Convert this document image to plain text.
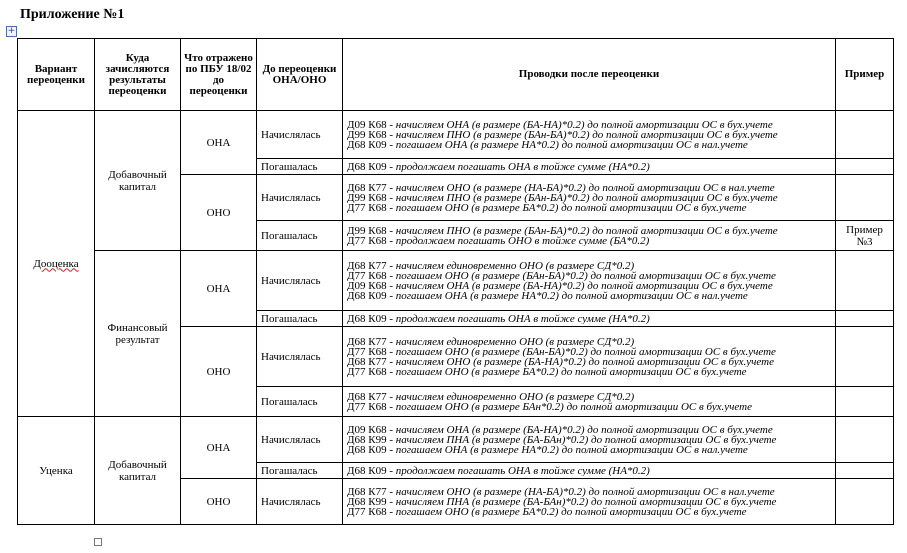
Приложение №1
+
Вариант переоценки	Куда зачисляются результаты переоценки	Что отражено по ПБУ 18/02 до переоценки	До переоценки ОНА/ОНО	Проводки после переоценки	Пример
Дооценка	Добавочный капитал	ОНА	Начислялась	Д09 К68 - начисляем ОНА (в размере (БА-НА)*0.2) до полной амортизации ОС в бух.учете
Д99 К68 - начисляем ПНО (в размере (БАн-БА)*0.2) до полной амортизации ОС в бух.учете
Д68 К09 - погашаем ОНА (в размере НА*0.2) до полной амортизации ОС в нал.учете	

			Погашалась	Д68 К09 - продолжаем погашать ОНА в тойже сумме (НА*0.2)	

		ОНО	Начислялась	Д68 К77 - начисляем ОНО (в размере (НА-БА)*0.2) до полной амортизации ОС в нал.учете
Д99 К68 - начисляем ПНО (в размере (БАн-БА)*0.2) до полной амортизации ОС в бух.учете
Д77 К68 - погашаем ОНО (в размере БА*0.2) до полной амортизации ОС в бух.учете	

			Погашалась	Д99 К68 - начисляем ПНО (в размере (БАн-БА)*0.2) до полной амортизации ОС в бух.учете
Д77 К68 - продолжаем погашать ОНО в тойже сумме (БА*0.2)	Пример №3
	Финансовый результат	ОНА	Начислялась	Д68 К77 - начисляем единовременно ОНО (в размере СД*0.2)
Д77 К68 - погашаем ОНО (в размере (БАн-БА)*0.2) до полной амортизации ОС в бух.учете
Д09 К68 - начисляем ОНА (в размере (БА-НА)*0.2) до полной амортизации ОС в бух.учете
Д68 К09 - погашаем ОНА (в размере НА*0.2) до полной амортизации ОС в нал.учете	

			Погашалась	Д68 К09 - продолжаем погашать ОНА в тойже сумме (НА*0.2)	

		ОНО	Начислялась	Д68 К77 - начисляем единовременно ОНО (в размере СД*0.2)
Д77 К68 - погашаем ОНО (в размере (БАн-БА)*0.2) до полной амортизации ОС в бух.учете
Д68 К77 - начисляем ОНО (в размере (БА-НА)*0.2) до полной амортизации ОС в бух.учете
Д77 К68 - погашаем ОНО (в размере БА*0.2) до полной амортизации ОС в бух.учете	

			Погашалась	Д68 К77 - начисляем единовременно ОНО (в размере СД*0.2)
Д77 К68 - погашаем ОНО (в размере БАн*0.2) до полной амортизации ОС в бух.учете	

Уценка	Добавочный капитал	ОНА	Начислялась	Д09 К68 - начисляем ОНА (в размере (БА-НА)*0.2) до полной амортизации ОС в бух.учете
Д68 К99 - начисляем ПНА (в размере (БА-БАн)*0.2) до полной амортизации ОС в бух.учете
Д68 К09 - погашаем ОНА (в размере НА*0.2) до полной амортизации ОС в нал.учете	

			Погашалась	Д68 К09 - продолжаем погашать ОНА в тойже сумме (НА*0.2)	

		ОНО	Начислялась	Д68 К77 - начисляем ОНО (в размере (НА-БА)*0.2) до полной амортизации ОС в нал.учете
Д68 К99 - начисляем ПНА (в размере (БА-БАн)*0.2) до полной амортизации ОС в бух.учете
Д77 К68 - погашаем ОНО (в размере БА*0.2) до полной амортизации ОС в бух.учете	
